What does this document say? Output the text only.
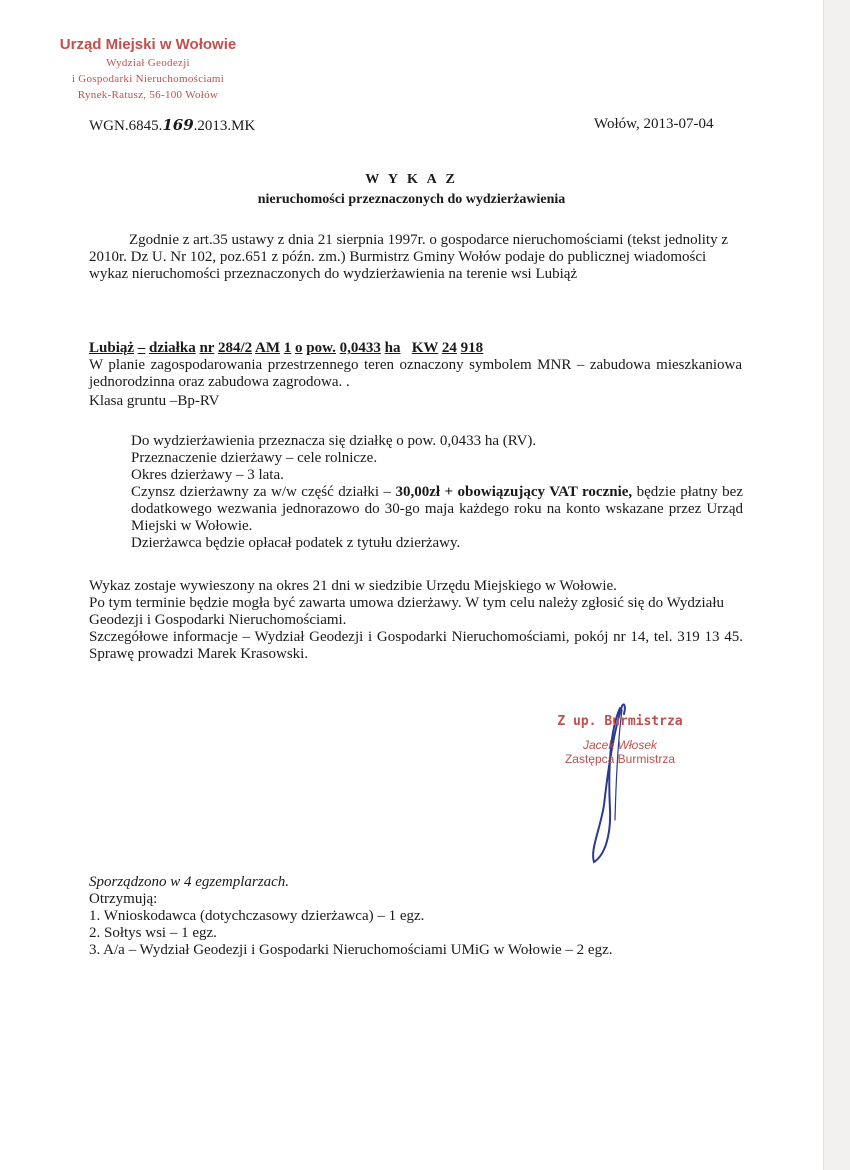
Urząd Miejski w Wołowie
Wydział Geodezji
i Gospodarki Nieruchomościami
Rynek-Ratusz, 56-100 Wołów
WGN.6845.169.2013.MK	Wołów, 2013-07-04
W Y K A Z
nieruchomości przeznaczonych do wydzierżawienia
Zgodnie z art.35 ustawy z dnia 21 sierpnia 1997r. o gospodarce nieruchomościami (tekst jednolity z 2010r. Dz U. Nr 102, poz.651 z późn. zm.) Burmistrz Gminy Wołów podaje do publicznej wiadomości wykaz nieruchomości przeznaczonych do wydzierżawienia na terenie wsi Lubiąż
Lubiąż – działka nr 284/2 AM 1 o pow. 0,0433 ha KW 24 918
W planie zagospodarowania przestrzennego teren oznaczony symbolem MNR – zabudowa mieszkaniowa jednorodzinna oraz zabudowa zagrodowa. .
Klasa gruntu –Bp-RV

Do wydzierżawienia przeznacza się działkę o pow. 0,0433 ha (RV).

Przeznaczenie dzierżawy – cele rolnicze.

Okres dzierżawy – 3 lata.

Czynsz dzierżawny za w/w część działki – 30,00zł + obowiązujący VAT rocznie, będzie płatny bez dodatkowego wezwania jednorazowo do 30-go maja każdego roku na konto wskazane przez Urząd Miejski w Wołowie.

Dzierżawca będzie opłacał podatek z tytułu dzierżawy.

Wykaz zostaje wywieszony na okres 21 dni w siedzibie Urzędu Miejskiego w Wołowie.

Po tym terminie będzie mogła być zawarta umowa dzierżawy. W tym celu należy zgłosić się do Wydziału Geodezji i Gospodarki Nieruchomościami.

Szczegółowe informacje – Wydział Geodezji i Gospodarki Nieruchomościami, pokój nr 14, tel. 319 13 45. Sprawę prowadzi Marek Krasowski.

Z up. Burmistrza
Jacek Włosek
Zastępca Burmistrza

Sporządzono w 4 egzemplarzach.

Otrzymują:

1. Wnioskodawca (dotychczasowy dzierżawca) – 1 egz.

2. Sołtys wsi – 1 egz.

3. A/a – Wydział Geodezji i Gospodarki Nieruchomościami UMiG w Wołowie – 2 egz.
